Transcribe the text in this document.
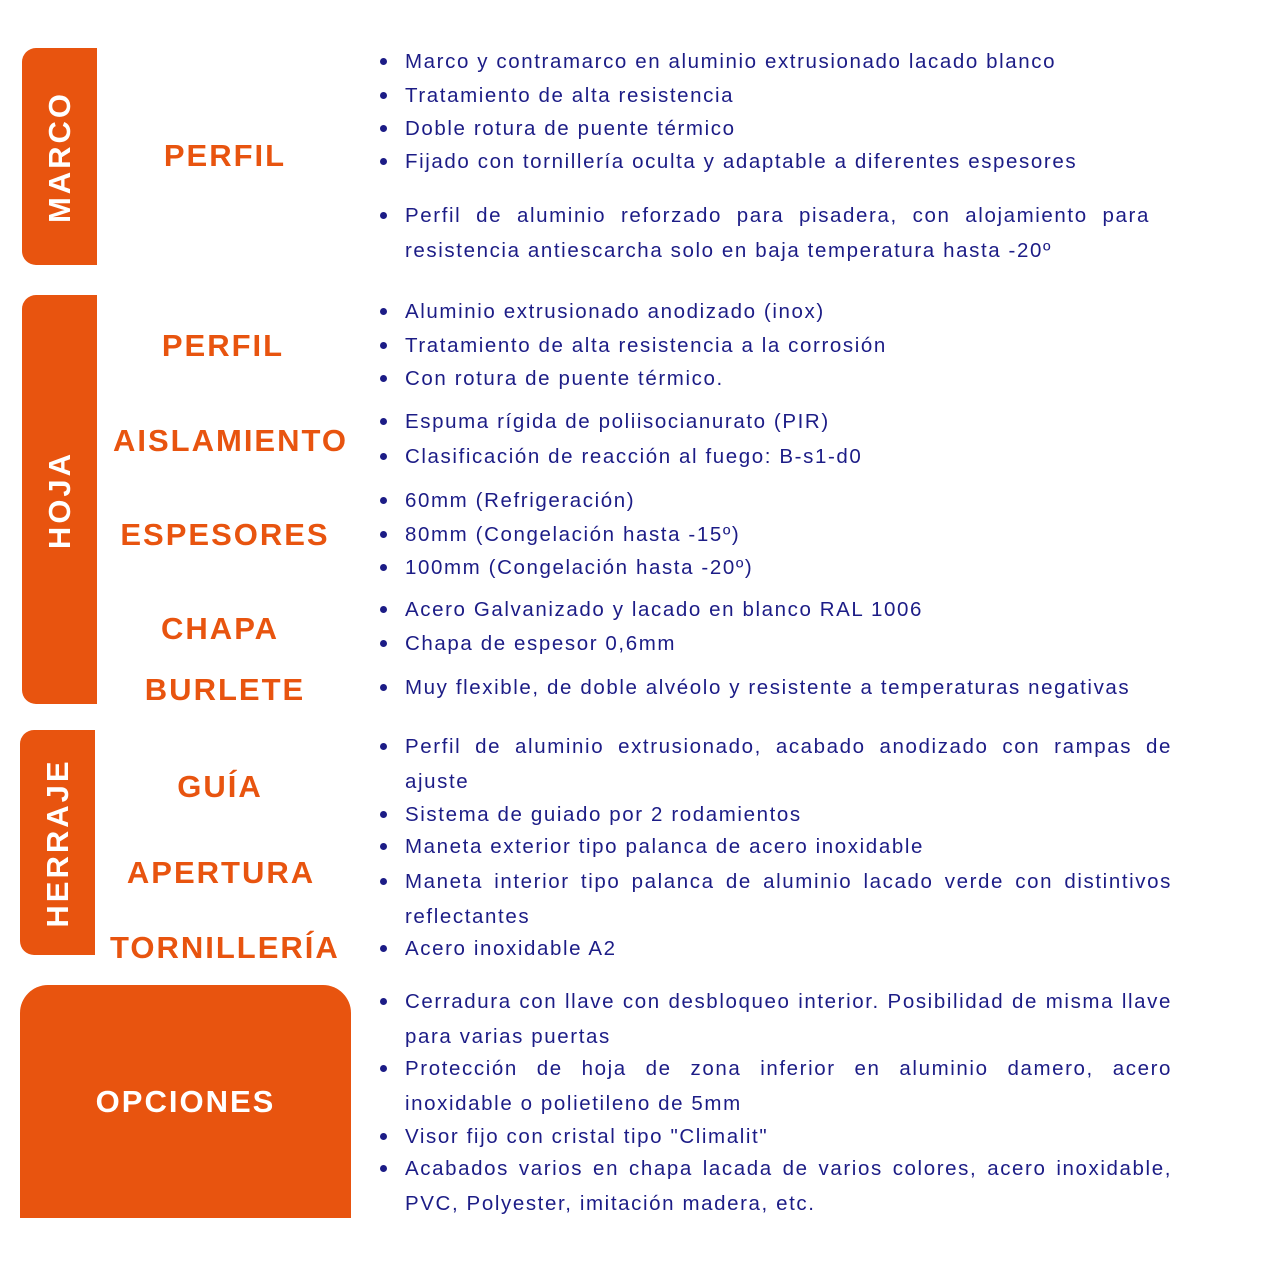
MARCO
HOJA
HERRAJE
OPCIONES
PERFIL
PERFIL
AISLAMIENTO
ESPESORES
CHAPA
BURLETE
GUÍA
APERTURA
TORNILLERÍA
Marco y contramarco en aluminio extrusionado lacado blanco
Tratamiento de alta resistencia
Doble rotura de puente térmico
Fijado con tornillería oculta y adaptable a diferentes espesores
Perfil de aluminio reforzado para pisadera, con alojamiento para resistencia antiescarcha solo en baja temperatura hasta -20º
Aluminio extrusionado anodizado (inox)
Tratamiento de alta resistencia a la corrosión
Con rotura de puente térmico.
Espuma rígida de poliisocianurato (PIR)
Clasificación de reacción al fuego: B-s1-d0
60mm (Refrigeración)
80mm (Congelación hasta -15º)
100mm (Congelación hasta -20º)
Acero Galvanizado y lacado en blanco RAL 1006
Chapa de espesor 0,6mm
Muy flexible, de doble alvéolo y resistente a temperaturas negativas
Perfil de aluminio extrusionado, acabado anodizado con rampas de ajuste
Sistema de guiado por 2 rodamientos
Maneta exterior tipo palanca de acero inoxidable
Maneta interior tipo palanca de aluminio lacado verde con distintivos reflectantes
Acero inoxidable A2
Cerradura con llave con desbloqueo interior. Posibilidad de misma llave para varias puertas
Protección de hoja de zona inferior en aluminio damero, acero inoxidable o polietileno de 5mm
Visor fijo con cristal tipo "Climalit"
Acabados varios en chapa lacada de varios colores, acero inoxidable, PVC, Polyester, imitación madera, etc.
